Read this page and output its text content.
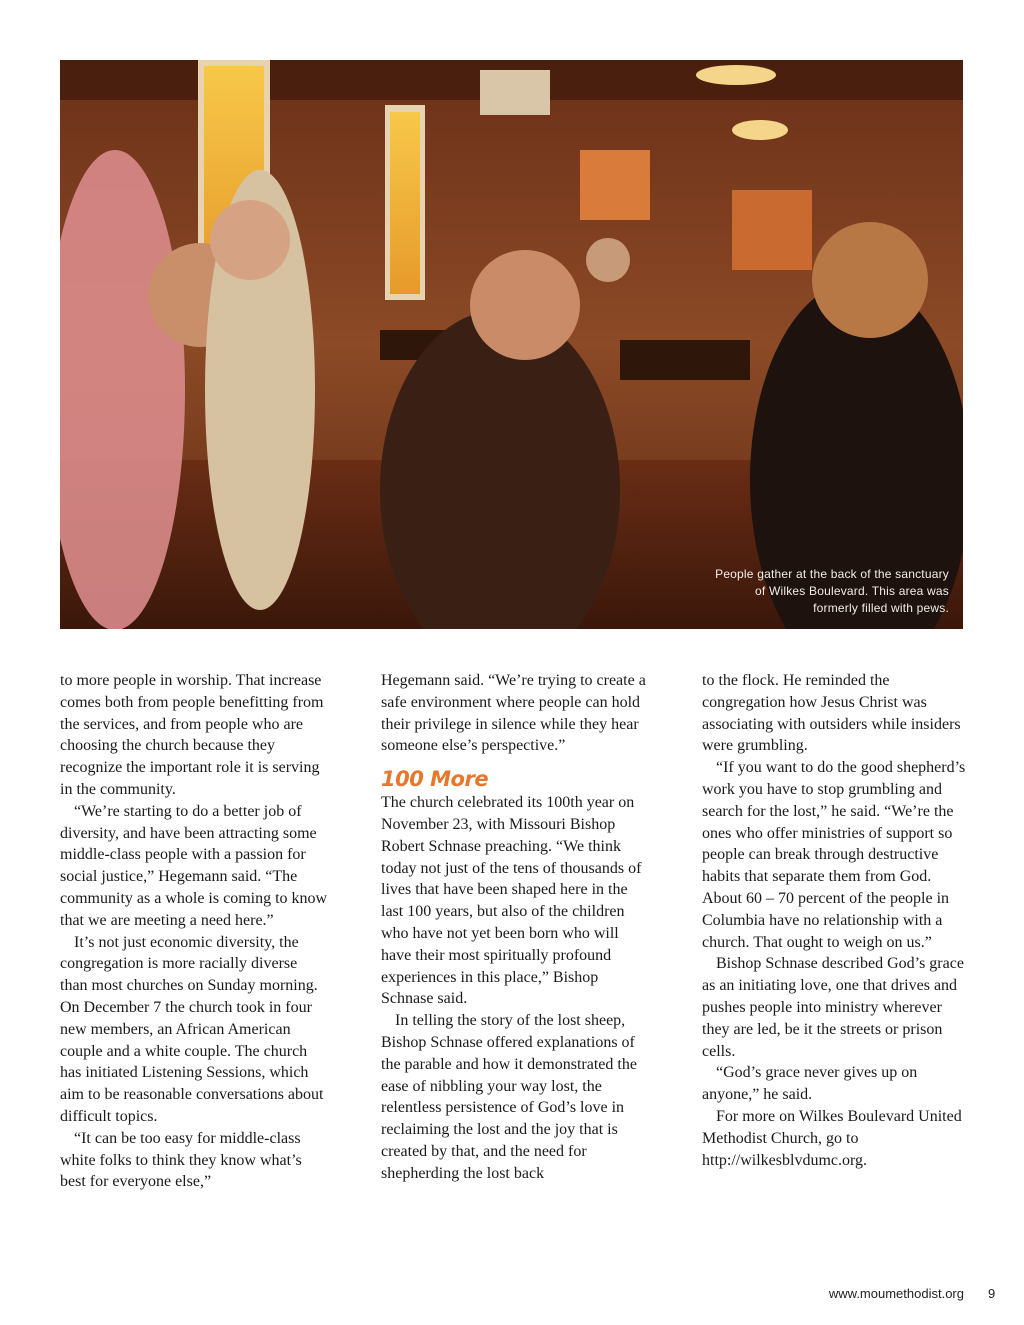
People gather at the back of the sanctuary of Wilkes Boulevard. This area was formerly filled with pews.

to more people in worship. That increase comes both from people benefitting from the services, and from people who are choosing the church because they recognize the important role it is serving in the community.

“We’re starting to do a better job of diversity, and have been attracting some middle-class people with a passion for social justice,” Hegemann said. “The community as a whole is coming to know that we are meeting a need here.”

It’s not just economic diversity, the congregation is more racially diverse than most churches on Sunday morning. On December 7 the church took in four new members, an African American couple and a white couple. The church has initiated Listening Sessions, which aim to be reasonable conversations about difficult topics.

“It can be too easy for middle-class white folks to think they know what’s best for everyone else,”

Hegemann said. “We’re trying to create a safe environment where people can hold their privilege in silence while they hear someone else’s perspective.”

100 More

The church celebrated its 100th year on November 23, with Missouri Bishop Robert Schnase preaching. “We think today not just of the tens of thousands of lives that have been shaped here in the last 100 years, but also of the children who have not yet been born who will have their most spiritually profound experiences in this place,” Bishop Schnase said.

In telling the story of the lost sheep, Bishop Schnase offered explanations of the parable and how it demonstrated the ease of nibbling your way lost, the relentless persistence of God’s love in reclaiming the lost and the joy that is created by that, and the need for shepherding the lost back

to the flock. He reminded the congregation how Jesus Christ was associating with outsiders while insiders were grumbling.

“If you want to do the good shepherd’s work you have to stop grumbling and search for the lost,” he said. “We’re the ones who offer ministries of support so people can break through destructive habits that separate them from God. About 60 – 70 percent of the people in Columbia have no relationship with a church. That ought to weigh on us.”

Bishop Schnase described God’s grace as an initiating love, one that drives and pushes people into ministry wherever they are led, be it the streets or prison cells.

“God’s grace never gives up on anyone,” he said.

For more on Wilkes Boulevard United Methodist Church, go to http://wilkesblvdumc.org.

www.moumethodist.org 9
